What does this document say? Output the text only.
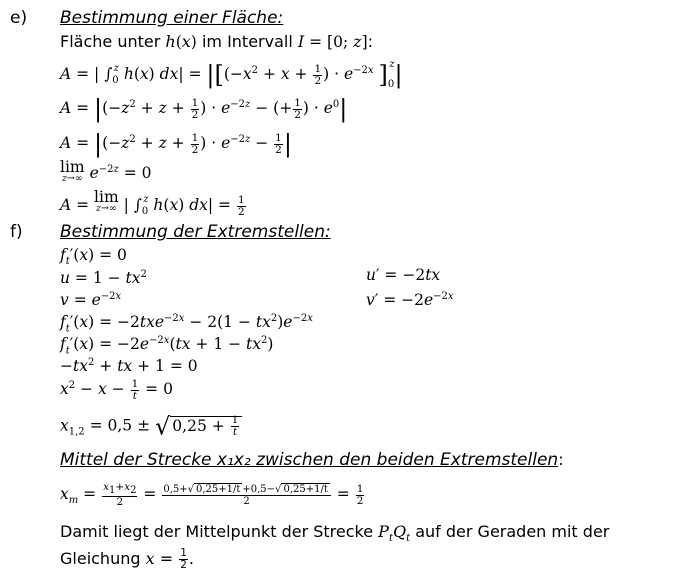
e) Bestimmung einer Fläche:
Fläche unter h(x) im Intervall I = [0; z]:
A = | $\int_0^z$ h(x) $dx| = |[(-x^2 + x + \frac{1}{2}$ ) · $e^{-2x}$ ]$_0^z|$
$A = |(-z^2 + z + \frac{1}{2}$ ) · $e^{-2z}$ − (+ $\frac{1}{2}$ ) · $e^0|$
$A = |(-z^2 + z + \frac{1}{2}$ ) · $e^{-2z} - \frac{1}{2}$ |
lim
z→∞ $e^{-2z} = 0$
A = lim
z→∞ | $\int_0^z$ h(x) $dx| = \frac{1}{2}$
f) Bestimmung der Extremstellen:
$f_t'(x) = 0$
$u = 1 - tx^2$	u′ = −2tx
$v = e^{-2x}$	$v' = -2e^{-2x}$
$f_t'(x) = -2txe^{-2x} - 2(1 - tx^2)e^{-2x}$
$f_t'(x) = -2e^{-2x}(tx + 1 - tx^2)$
$-tx^2$ + tx + 1 = 0
$x^2 - x - \frac{1}{t} = 0$
$x_{1,2} = 0,5$ ± √ $0,25 + \frac{1}{t}$
Mittel der Strecke x₁x₂ zwischen den beiden Extremstellen:
$x_m = \frac{x_1+x_2}{2} = \frac{0,5+√ 0,25+1/t +0,5-√ 0,25+1/t}{2} = \frac{1}{2}$
Damit liegt der Mittelpunkt der Strecke $P_tQ_t$ auf der Geraden mit der
Gleichung $x = \frac{1}{2}$ .
